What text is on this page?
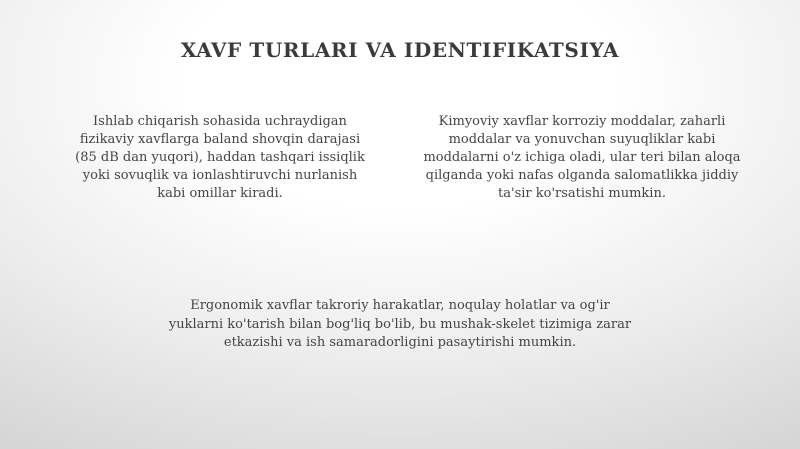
XAVF TURLARI VA IDENTIFIKATSIYA
Ishlab chiqarish sohasida uchraydigan
fizikaviy xavflarga baland shovqin darajasi
(85 dB dan yuqori), haddan tashqari issiqlik
yoki sovuqlik va ionlashtiruvchi nurlanish
kabi omillar kiradi.
Kimyoviy xavflar korroziy moddalar, zaharli
moddalar va yonuvchan suyuqliklar kabi
moddalarni o'z ichiga oladi, ular teri bilan aloqa
qilganda yoki nafas olganda salomatlikka jiddiy
ta'sir ko'rsatishi mumkin.
Ergonomik xavflar takroriy harakatlar, noqulay holatlar va og'ir
yuklarni ko'tarish bilan bog'liq bo'lib, bu mushak-skelet tizimiga zarar
etkazishi va ish samaradorligini pasaytirishi mumkin.
